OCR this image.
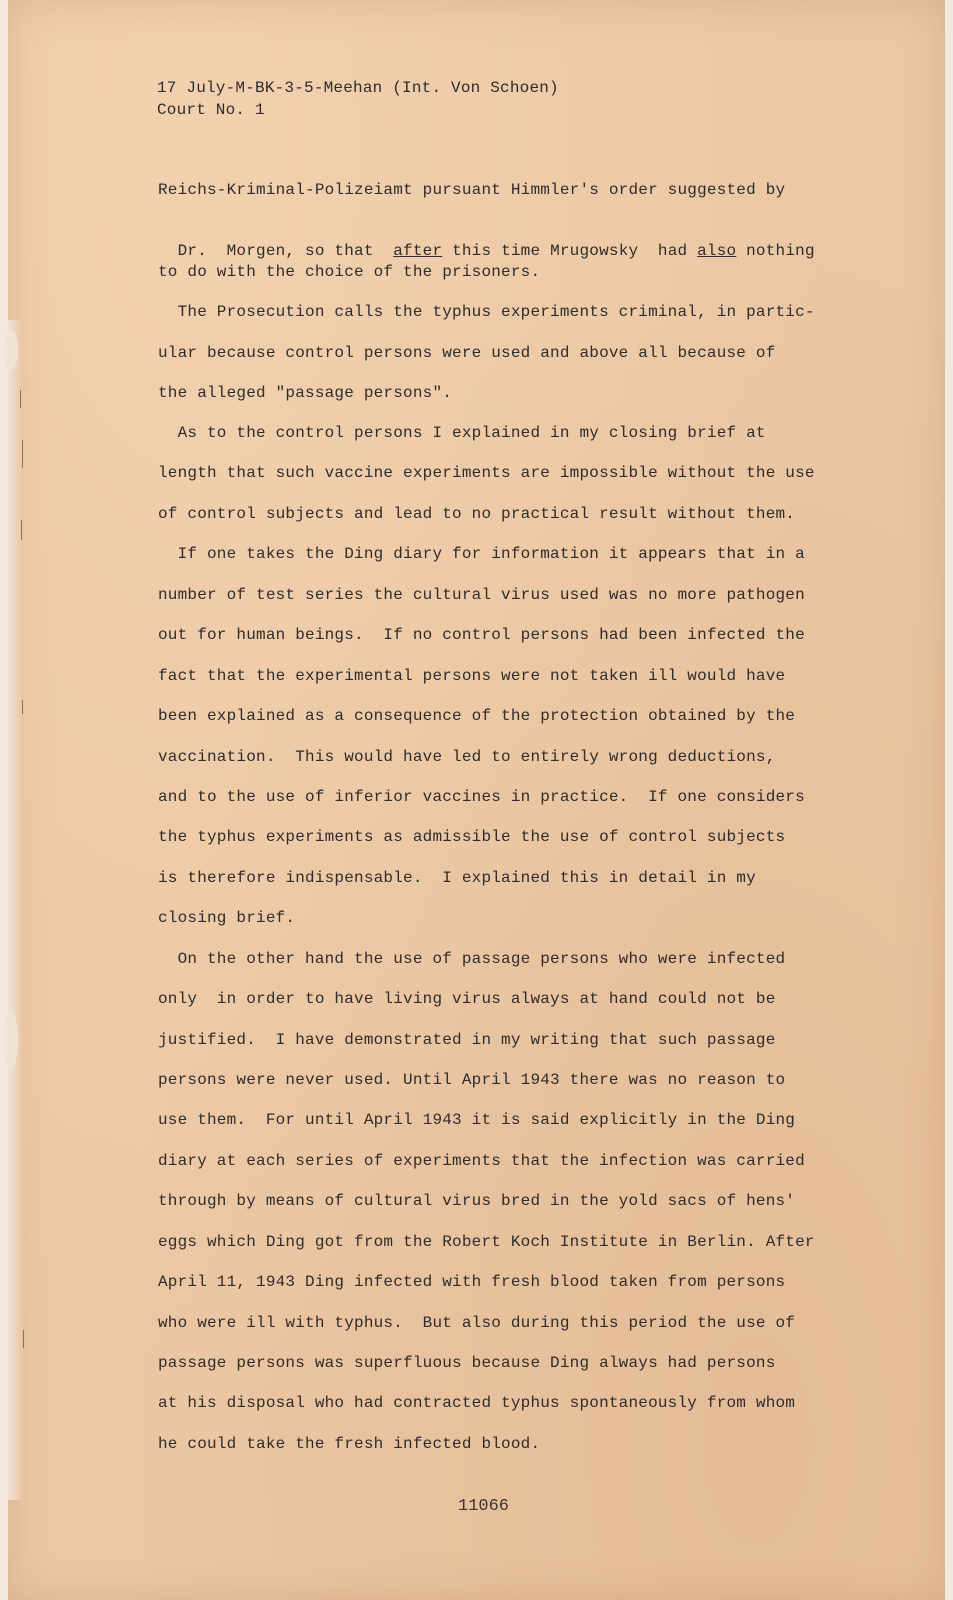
17 July-M-BK-3-5-Meehan (Int. Von Schoen)
Court No. 1
Reichs-Kriminal-Polizeiamt pursuant Himmler's order suggested by

Dr.  Morgen, so that  after this time Mrugowsky  had also nothing

to do with the choice of the prisoners.
The Prosecution calls the typhus experiments criminal, in partic-
ular because control persons were used and above all because of
the alleged "passage persons".
As to the control persons I explained in my closing brief at
length that such vaccine experiments are impossible without the use
of control subjects and lead to no practical result without them.
If one takes the Ding diary for information it appears that in a
number of test series the cultural virus used was no more pathogen
out for human beings.  If no control persons had been infected the
fact that the experimental persons were not taken ill would have
been explained as a consequence of the protection obtained by the
vaccination.  This would have led to entirely wrong deductions,
and to the use of inferior vaccines in practice.  If one considers
the typhus experiments as admissible the use of control subjects
is therefore indispensable.  I explained this in detail in my
closing brief.
On the other hand the use of passage persons who were infected
only  in order to have living virus always at hand could not be
justified.  I have demonstrated in my writing that such passage
persons were never used. Until April 1943 there was no reason to
use them.  For until April 1943 it is said explicitly in the Ding
diary at each series of experiments that the infection was carried
through by means of cultural virus bred in the yold sacs of hens'
eggs which Ding got from the Robert Koch Institute in Berlin. After
April 11, 1943 Ding infected with fresh blood taken from persons
who were ill with typhus.  But also during this period the use of
passage persons was superfluous because Ding always had persons
at his disposal who had contracted typhus spontaneously from whom
he could take the fresh infected blood.
11066
